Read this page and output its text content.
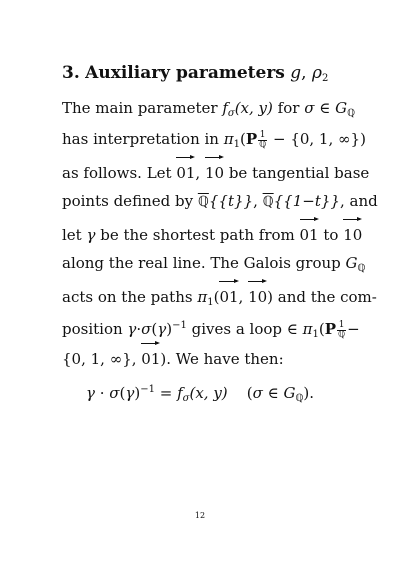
3. Auxiliary parameters g, $\rho_2$
The main parameter $f_\sigma(x$, y) for σ ∈ $G_ℚ$
has interpretation in $\pi_1(P \frac{1}{\text{ℚ}} - \{0$, 1, ∞})
as follows. Let 01, 10 be tangential base
points defined by ℚ{{t}}, ℚ{{1−t}}, and
let γ be the shortest path from 01 to 10
along the real line. The Galois group $G_ℚ$
acts on the paths $\pi_1(01$, 10) and the com-
position $\gamma\cdot\sigma(\gamma)^{-1}$ gives a loop ∈ $\pi_1(P \frac{1}{\text{ℚ}}$ −
{0, 1, ∞}, 01). We have then:
$\gamma \cdot \sigma(\gamma)^{-1} = f_\sigma(x$, y)    (σ ∈ $G_ℚ$).
12
